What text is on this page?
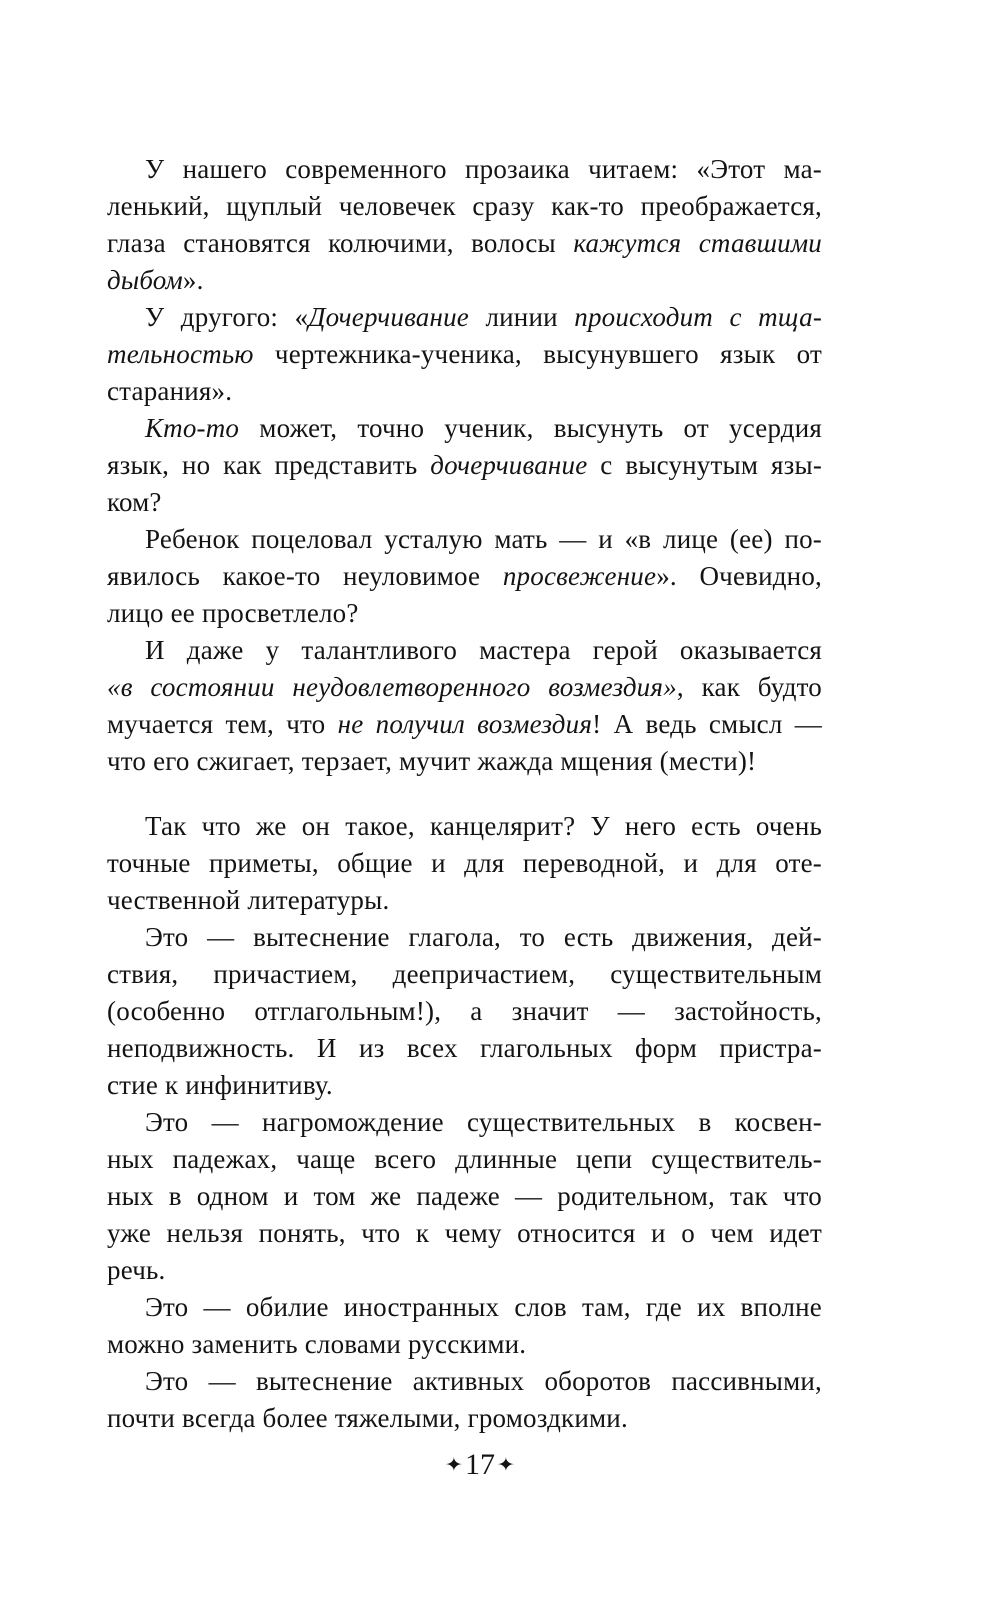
У нашего современного прозаика читаем: «Этот ма-
ленький, щуплый человечек сразу как-то преображается,
глаза становятся колючими, волосы кажутся ставшими
дыбом».
У другого: «Дочерчивание линии происходит с тща-
тельностью чертежника-ученика, высунувшего язык от
старания».
Кто-то может, точно ученик, высунуть от усердия
язык, но как представить дочерчивание с высунутым язы-
ком?
Ребенок поцеловал усталую мать — и «в лице (ее) по-
явилось какое-то неуловимое просвежение». Очевидно,
лицо ее просветлело?
И даже у талантливого мастера герой оказывается
«в состоянии неудовлетворенного возмездия», как будто
мучается тем, что не получил возмездия! А ведь смысл —
что его сжигает, терзает, мучит жажда мщения (мести)!
Так что же он такое, канцелярит? У него есть очень
точные приметы, общие и для переводной, и для оте-
чественной литературы.
Это — вытеснение глагола, то есть движения, дей-
ствия, причастием, деепричастием, существительным
(особенно отглагольным!), а значит — застойность,
неподвижность. И из всех глагольных форм пристра-
стие к инфинитиву.
Это — нагромождение существительных в косвен-
ных падежах, чаще всего длинные цепи существитель-
ных в одном и том же падеже — родительном, так что
уже нельзя понять, что к чему относится и о чем идет
речь.
Это — обилие иностранных слов там, где их вполне
можно заменить словами русскими.
Это — вытеснение активных оборотов пассивными,
почти всегда более тяжелыми, громоздкими.
✦17✦
